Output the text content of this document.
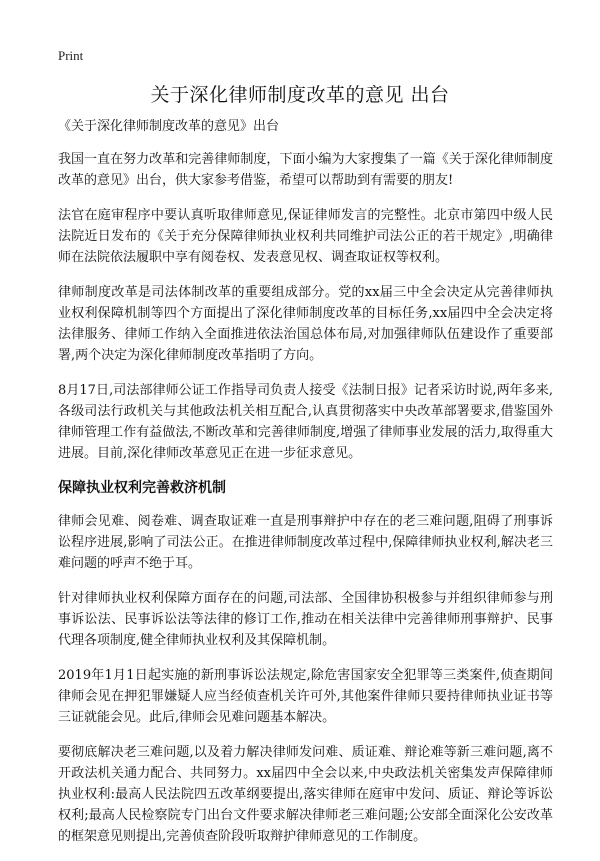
Print
关于深化律师制度改革的意见 出台

《关于深化律师制度改革的意见》出台

我国一直在努力改革和完善律师制度，下面小编为大家搜集了一篇《关于深化律师制度改革的意见》出台，供大家参考借鉴，希望可以帮助到有需要的朋友!

法官在庭审程序中要认真听取律师意见,保证律师发言的完整性。北京市第四中级人民法院近日发布的《关于充分保障律师执业权利共同维护司法公正的若干规定》,明确律师在法院依法履职中享有阅卷权、发表意见权、调查取证权等权利。

律师制度改革是司法体制改革的重要组成部分。党的xx届三中全会决定从完善律师执业权利保障机制等四个方面提出了深化律师制度改革的目标任务,xx届四中全会决定将法律服务、律师工作纳入全面推进依法治国总体布局,对加强律师队伍建设作了重要部署,两个决定为深化律师制度改革指明了方向。

8月17日,司法部律师公证工作指导司负责人接受《法制日报》记者采访时说,两年多来,各级司法行政机关与其他政法机关相互配合,认真贯彻落实中央改革部署要求,借鉴国外律师管理工作有益做法,不断改革和完善律师制度,增强了律师事业发展的活力,取得重大进展。目前,深化律师改革意见正在进一步征求意见。

保障执业权利完善救济机制

律师会见难、阅卷难、调查取证难一直是刑事辩护中存在的老三难问题,阻碍了刑事诉讼程序进展,影响了司法公正。在推进律师制度改革过程中,保障律师执业权利,解决老三难问题的呼声不绝于耳。

针对律师执业权利保障方面存在的问题,司法部、全国律协积极参与并组织律师参与刑事诉讼法、民事诉讼法等法律的修订工作,推动在相关法律中完善律师刑事辩护、民事代理各项制度,健全律师执业权利及其保障机制。

2019年1月1日起实施的新刑事诉讼法规定,除危害国家安全犯罪等三类案件,侦查期间律师会见在押犯罪嫌疑人应当经侦查机关许可外,其他案件律师只要持律师执业证书等三证就能会见。此后,律师会见难问题基本解决。

要彻底解决老三难问题,以及着力解决律师发问难、质证难、辩论难等新三难问题,离不开政法机关通力配合、共同努力。xx届四中全会以来,中央政法机关密集发声保障律师执业权利:最高人民法院四五改革纲要提出,落实律师在庭审中发问、质证、辩论等诉讼权利;最高人民检察院专门出台文件要求解决律师老三难问题;公安部全面深化公安改革的框架意见则提出,完善侦查阶段听取辩护律师意见的工作制度。
